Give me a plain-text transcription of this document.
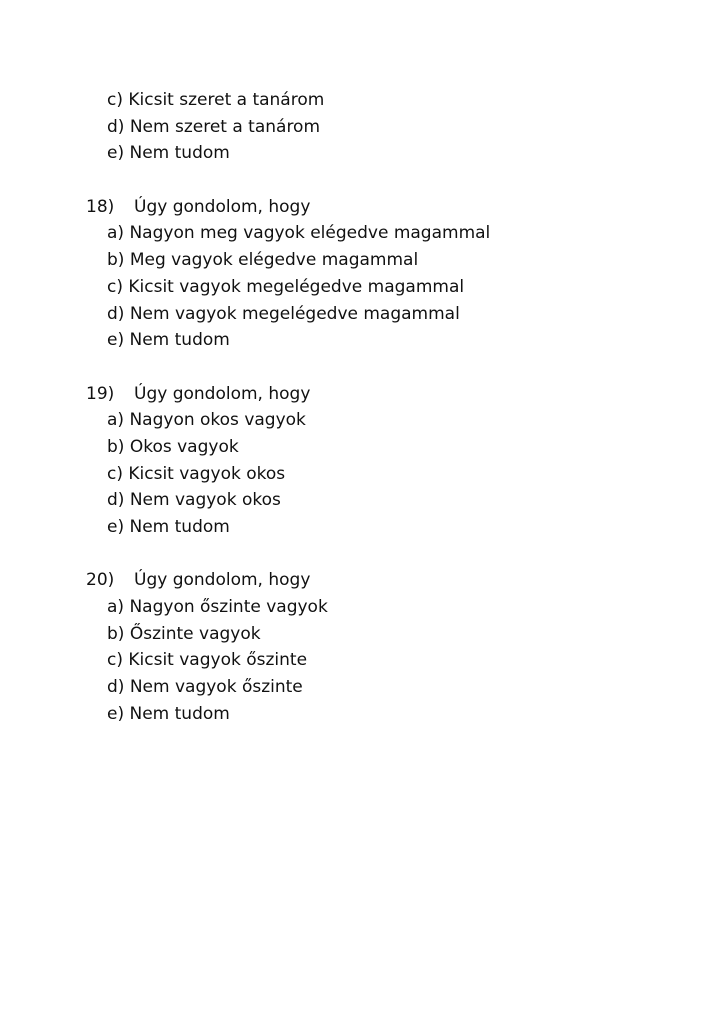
c) Kicsit szeret a tanárom
d) Nem szeret a tanárom
e) Nem tudom
18)	Úgy gondolom, hogy
a) Nagyon meg vagyok elégedve magammal
b) Meg vagyok elégedve magammal
c) Kicsit vagyok megelégedve magammal
d) Nem vagyok megelégedve magammal
e) Nem tudom
19)	Úgy gondolom, hogy
a) Nagyon okos vagyok
b) Okos vagyok
c) Kicsit vagyok okos
d) Nem vagyok okos
e) Nem tudom
20)	Úgy gondolom, hogy
a) Nagyon őszinte vagyok
b) Őszinte vagyok
c) Kicsit vagyok őszinte
d) Nem vagyok őszinte
e) Nem tudom
